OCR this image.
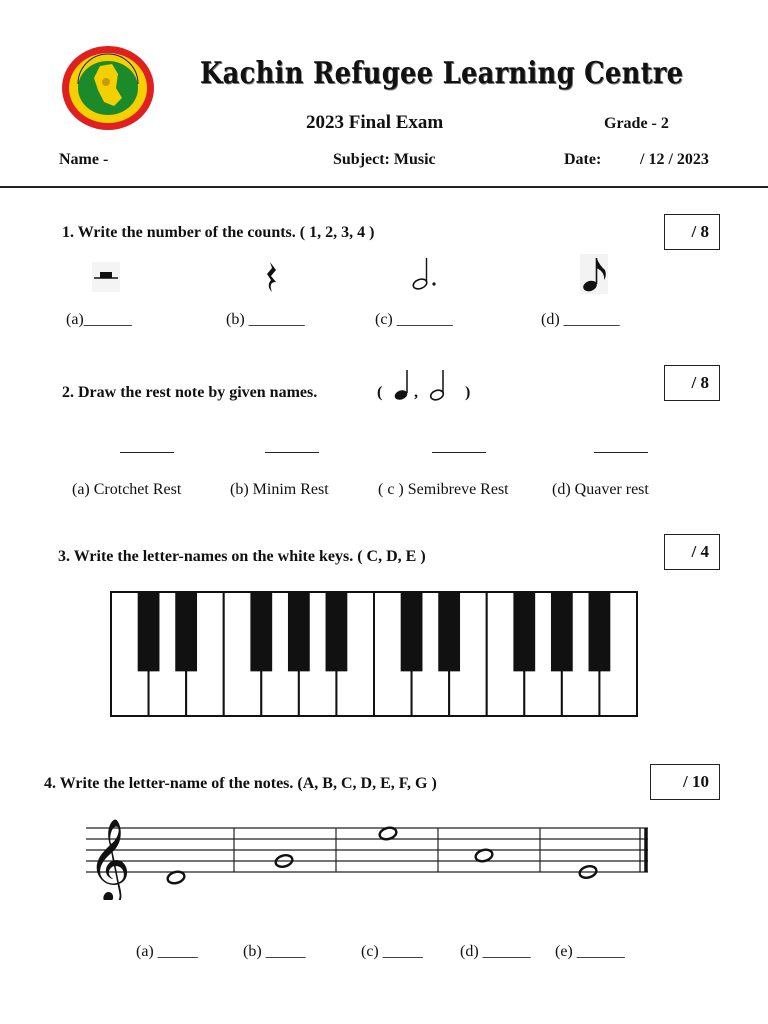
Kachin Refugee Learning Centre
2023 Final Exam	Grade - 2
Name -	Subject: Music	Date: / 12 / 2023
1. Write the number of the counts. ( 1, 2, 3, 4 )	/ 8
(a)______	(b) _______	(c) _______	(d) _______
2. Draw the rest note by given names.	( ,	)
/ 8
(a) Crotchet Rest	(b) Minim Rest	( c ) Semibreve Rest	(d) Quaver rest
3. Write the letter-names on the white keys. ( C, D, E )	/ 4
4. Write the letter-name of the notes. (A, B, C, D, E, F, G )	/ 10
𝄞
(a) _____	(b) _____	(c) _____ (d) ______ (e) ______
